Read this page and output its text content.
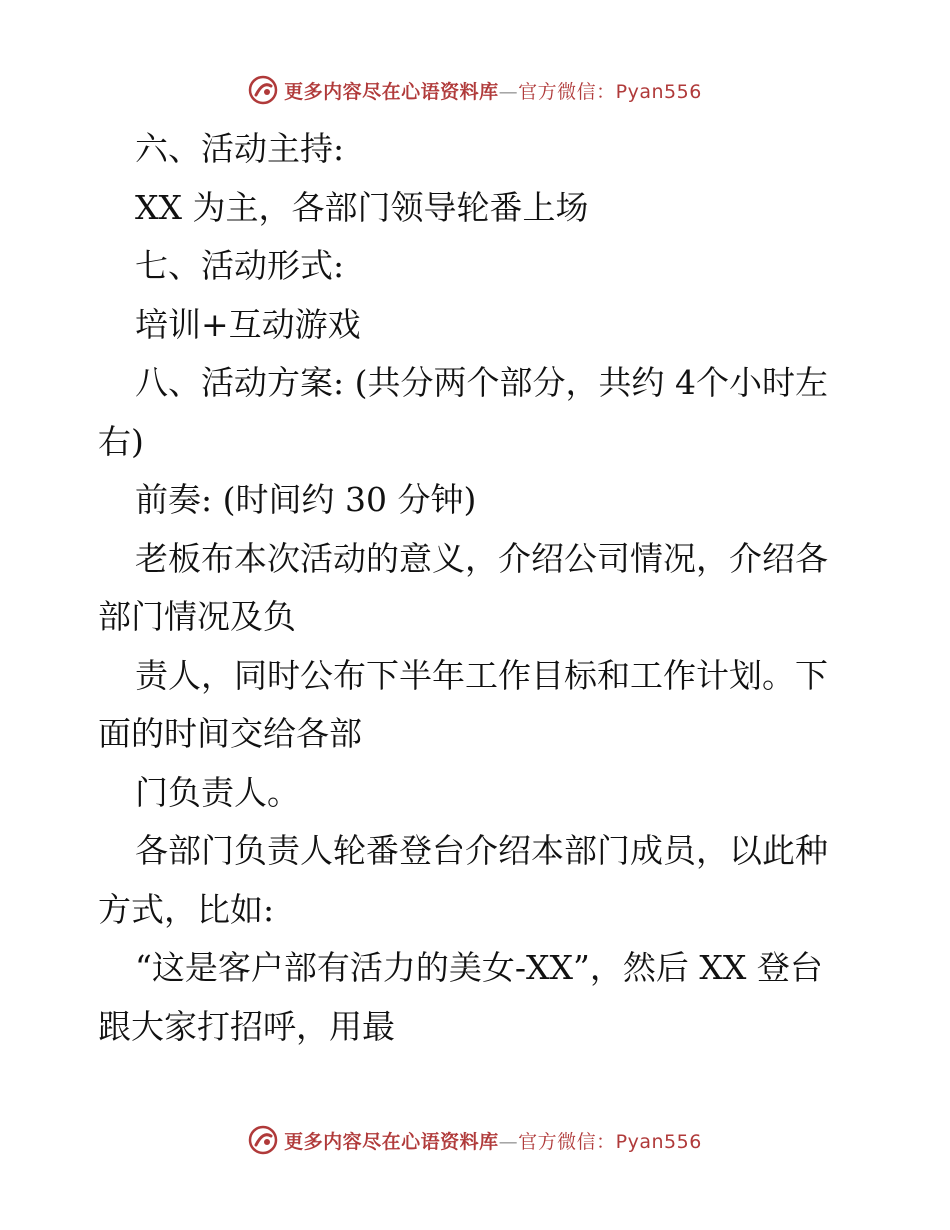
更多内容尽在心语资料库—官方微信：Pyan556

六、活动主持:

XX 为主，各部门领导轮番上场

七、活动形式:

培训+互动游戏

八、活动方案: (共分两个部分，共约 4个小时左右)

前奏: (时间约 30 分钟)

老板布本次活动的意义，介绍公司情况，介绍各部门情况及负

责人，同时公布下半年工作目标和工作计划。下面的时间交给各部

门负责人。

各部门负责人轮番登台介绍本部门成员，以此种方式，比如:

“这是客户部有活力的美女-XX”，然后 XX 登台跟大家打招呼，用最

更多内容尽在心语资料库—官方微信：Pyan556
